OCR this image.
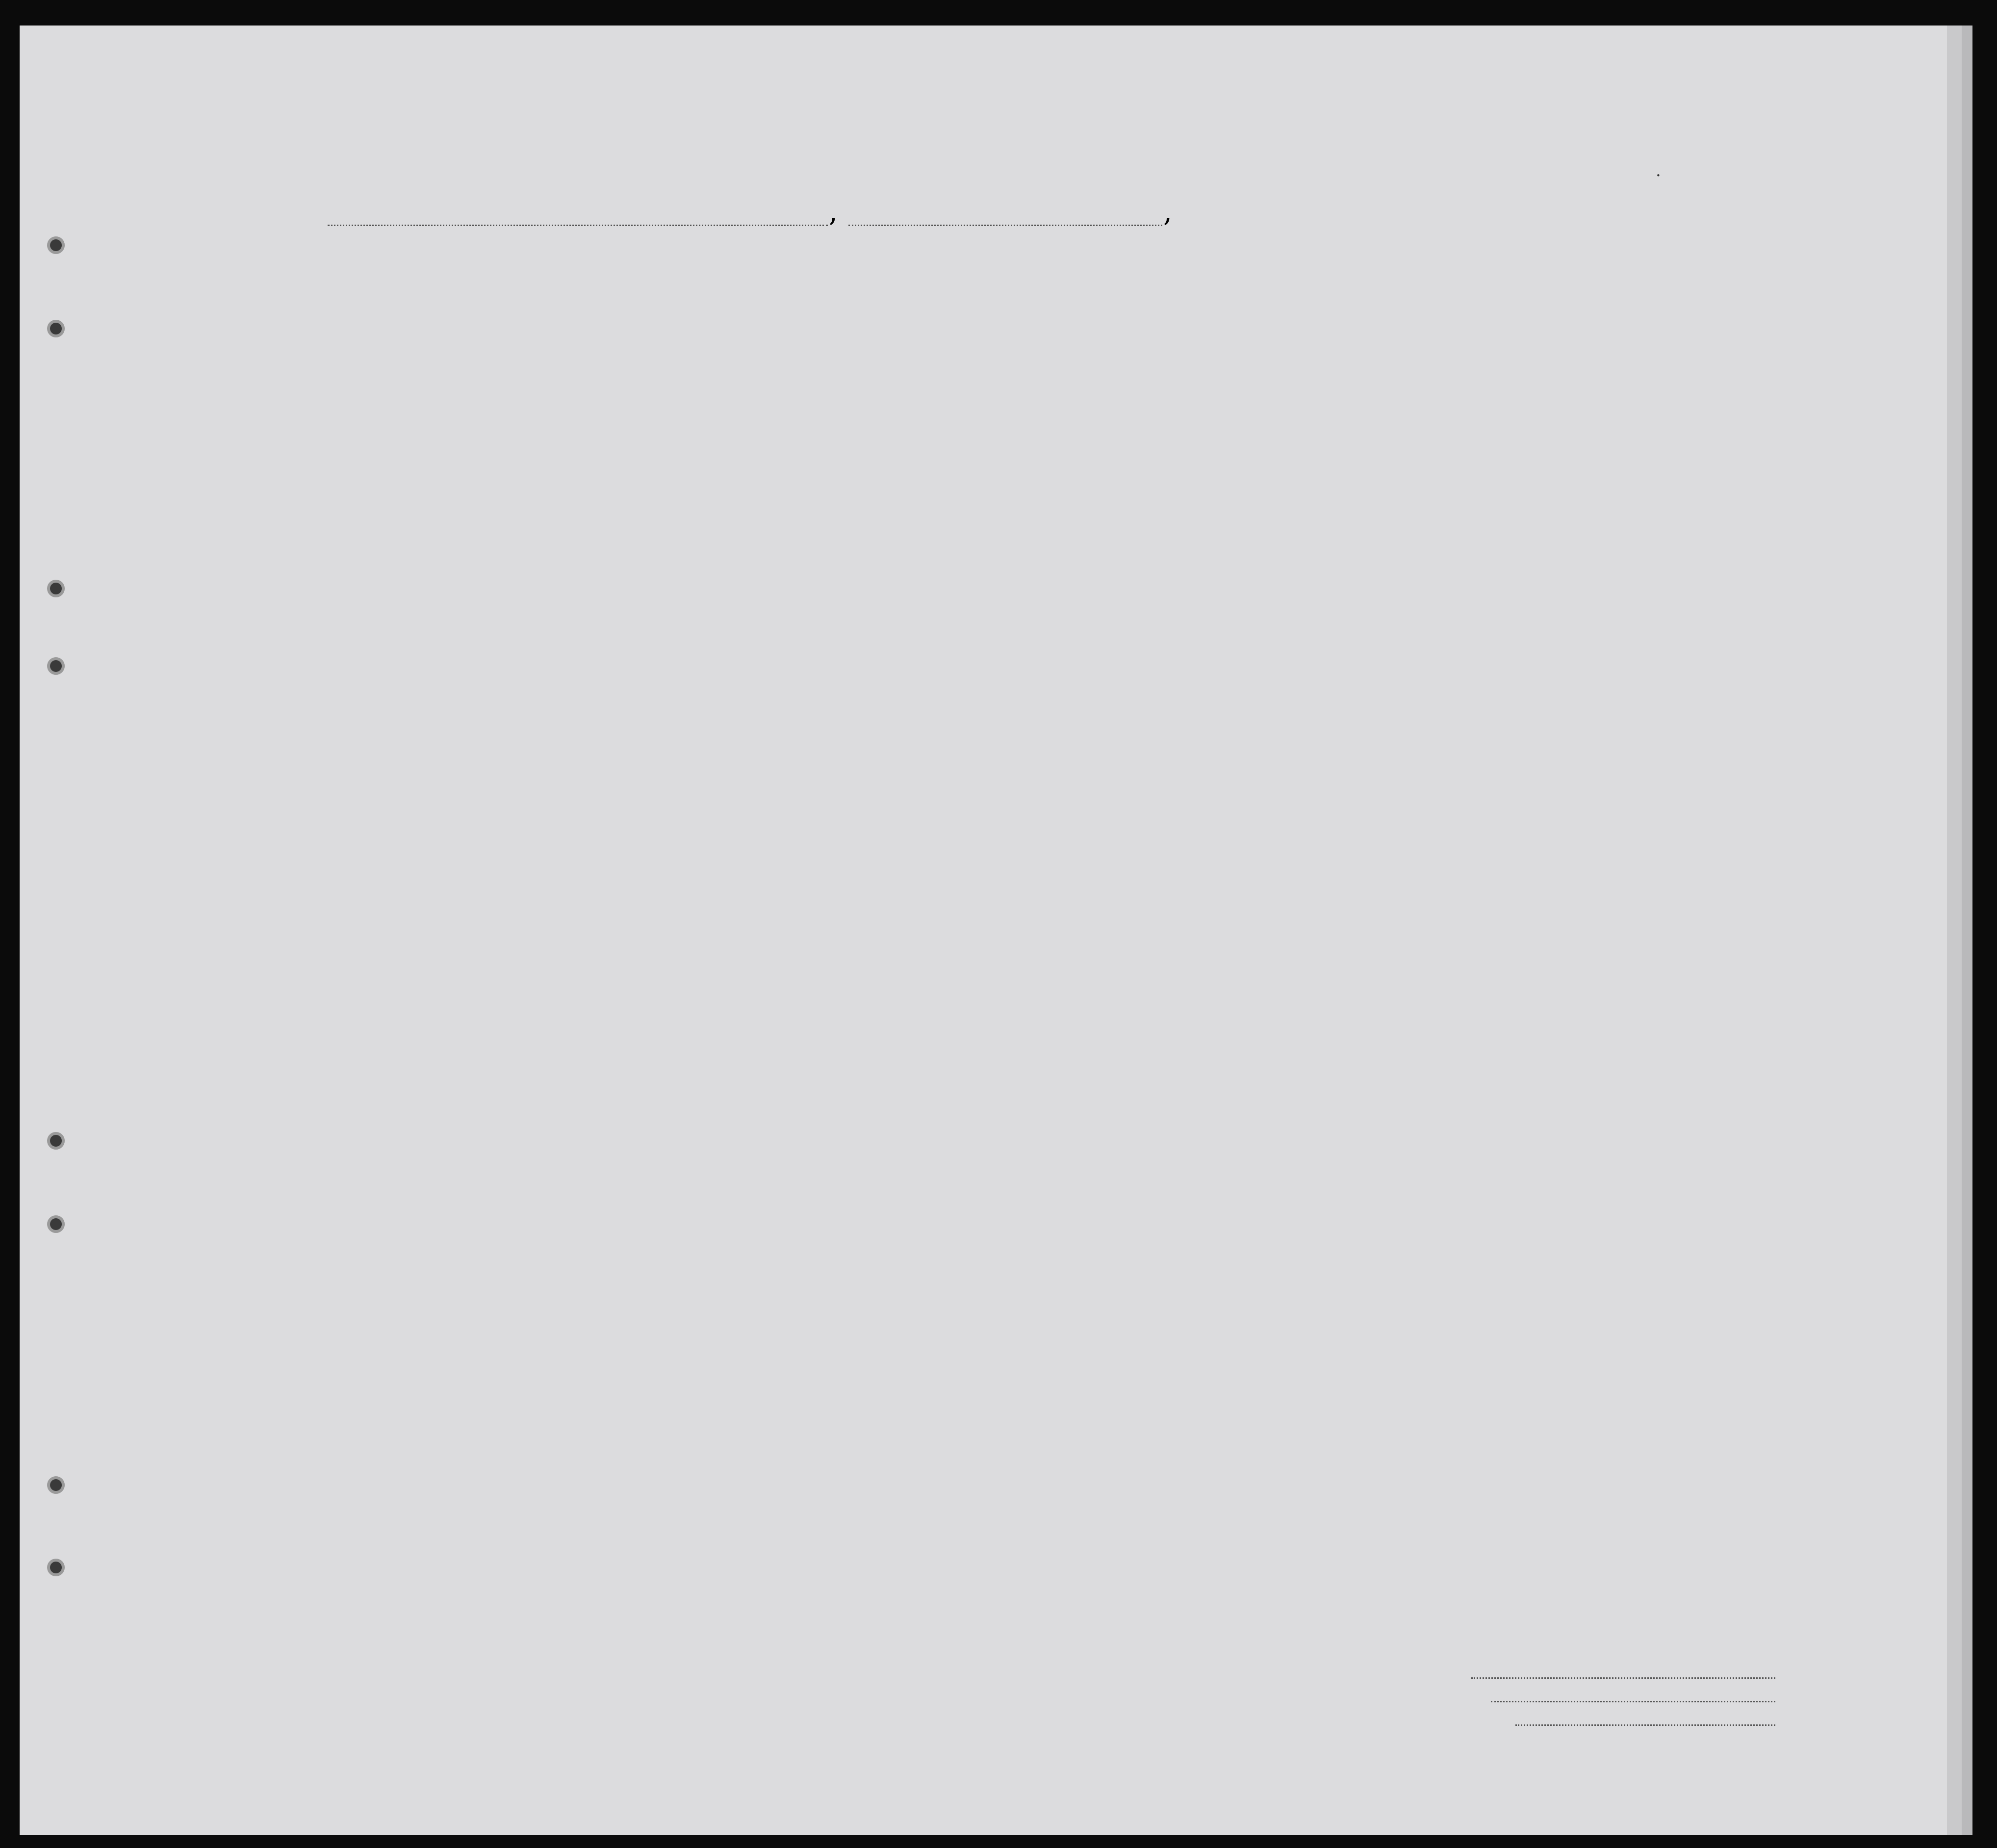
·
,	,
